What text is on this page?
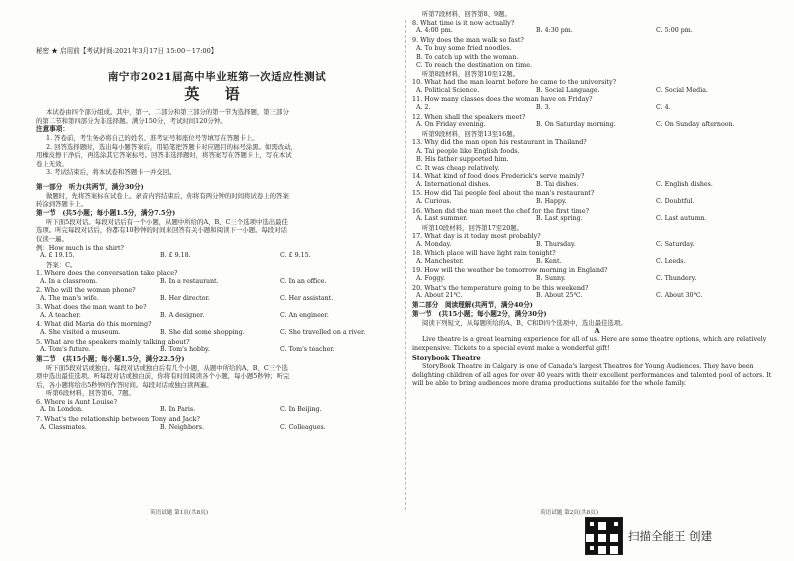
秘密 ★ 启用前【考试时间:2021年3月17日 15:00－17:00】
南宁市2021届高中毕业班第一次适应性测试
英 语
本试卷由四个部分组成。其中，第一、二部分和第三部分的第一节为选择题，第三部分
的第二节和第四部分为非选择题。满分150分，考试时间120分钟。
注意事项：
1. 答卷前，考生务必将自己的姓名、准考证号和座位号等填写在答题卡上。
2. 回答选择题时，选出每小题答案后，用铅笔把答题卡对应题目的标号涂黑。如需改动，
用橡皮擦干净后，再选涂其它答案标号。回答非选择题时，将答案写在答题卡上，写在本试
卷上无效。
3. 考试结束后，将本试卷和答题卡一并交回。
第一部分　听力(共两节，满分30分)
做题时，先将答案标在试卷上。录音内容结束后，你将有两分钟的时间将试卷上的答案
转涂到答题卡上。
第一节　(共5小题；每小题1.5分，满分7.5分)
听下面5段对话。每段对话后有一个小题，从题中所给的A、B、C三个选项中选出最佳
选项。听完每段对话后，你都有10秒钟的时间来回答有关小题和阅读下一小题。每段对话
仅读一遍。
例：How much is the shirt?
A. £ 19.15.	B. £ 9.18.	C. £ 9.15.
答案：C。
1. Where does the conversation take place?
A. In a classroom.	B. In a restaurant.	C. In an office.
2. Who will the woman phone?
A. The man's wife.	B. Her director.	C. Her assistant.
3. What does the man want to be?
A. A teacher.	B. A designer.	C. An engineer.
4. What did Maria do this morning?
A. She visited a museum.	B. She did some shopping.	C. She travelled on a river.
5. What are the speakers mainly talking about?
A. Tom's future.	B. Tom's hobby.	C. Tom's teacher.
第二节　(共15小题；每小题1.5分，满分22.5分)
听下面5段对话或独白。每段对话或独白后有几个小题，从题中所给的A、B、C三个选
项中选出最佳选项。听每段对话或独白前，你将有时间阅读各个小题，每小题5秒钟；听完
后，各小题将给出5秒钟的作答时间。每段对话或独白读两遍。
听第6段材料，回答第6、7题。
6. Where is Aunt Louise?
A. In London.	B. In Paris.	C. In Beijing.
7. What's the relationship between Tony and Jack?
A. Classmates.	B. Neighbors.	C. Colleagues.
英语试题 第1页(共8页)
听第7段材料，回答第8、9题。
8. What time is it now actually?
A. 4:00 pm.	B. 4:30 pm.	C. 5:00 pm.
9. Why does the man walk so fast?
A. To buy some fried noodles.
B. To catch up with the woman.
C. To reach the destination on time.
听第8段材料，回答第10至12题。
10. What had the man learnt before he came to the university?
A. Political Science.	B. Social Language.	C. Social Media.
11. How many classes does the woman have on Friday?
A. 2.	B. 3.	C. 4.
12. When shall the speakers meet?
A. On Friday evening.	B. On Saturday morning.	C. On Sunday afternoon.
听第9段材料，回答第13至16题。
13. Why did the man open his restaurant in Thailand?
A. Tai people like English foods.
B. His father supported him.
C. It was cheap relatively.
14. What kind of food does Frederick's serve mainly?
A. International dishes.	B. Tai dishes.	C. English dishes.
15. How did Tai people feel about the man's restaurant?
A. Curious.	B. Happy.	C. Doubtful.
16. When did the man meet the chef for the first time?
A. Last summer.	B. Last spring.	C. Last autumn.
听第10段材料，回答第17至20题。
17. What day is it today most probably?
A. Monday.	B. Thursday.	C. Saturday.
18. Which place will have light rain tonight?
A. Manchester.	B. Kent.	C. Leeds.
19. How will the weather be tomorrow morning in England?
A. Foggy.	B. Sunny.	C. Thundery.
20. What's the temperature going to be this weekend?
A. About 21℃.	B. About 25℃.	C. About 30℃.
第二部分　阅读理解(共两节，满分40分)
第一节　(共15小题；每小题2分，满分30分)
阅读下列短文，从每题所给的A、B、C和D四个选项中，选出最佳选项。
A
Live theatre is a great learning experience for all of us. Here are some theatre options, which are relatively inexpensive. Tickets to a special event make a wonderful gift!
Storybook Theatre
StoryBook Theatre in Calgary is one of Canada's largest Theatres for Young Audiences. They have been delighting children of all ages for over 40 years with their excellent performances and talented pool of actors. It will be able to bring audiences more drama productions suitable for the whole family.
英语试题 第2页(共8页)
扫描全能王 创建
